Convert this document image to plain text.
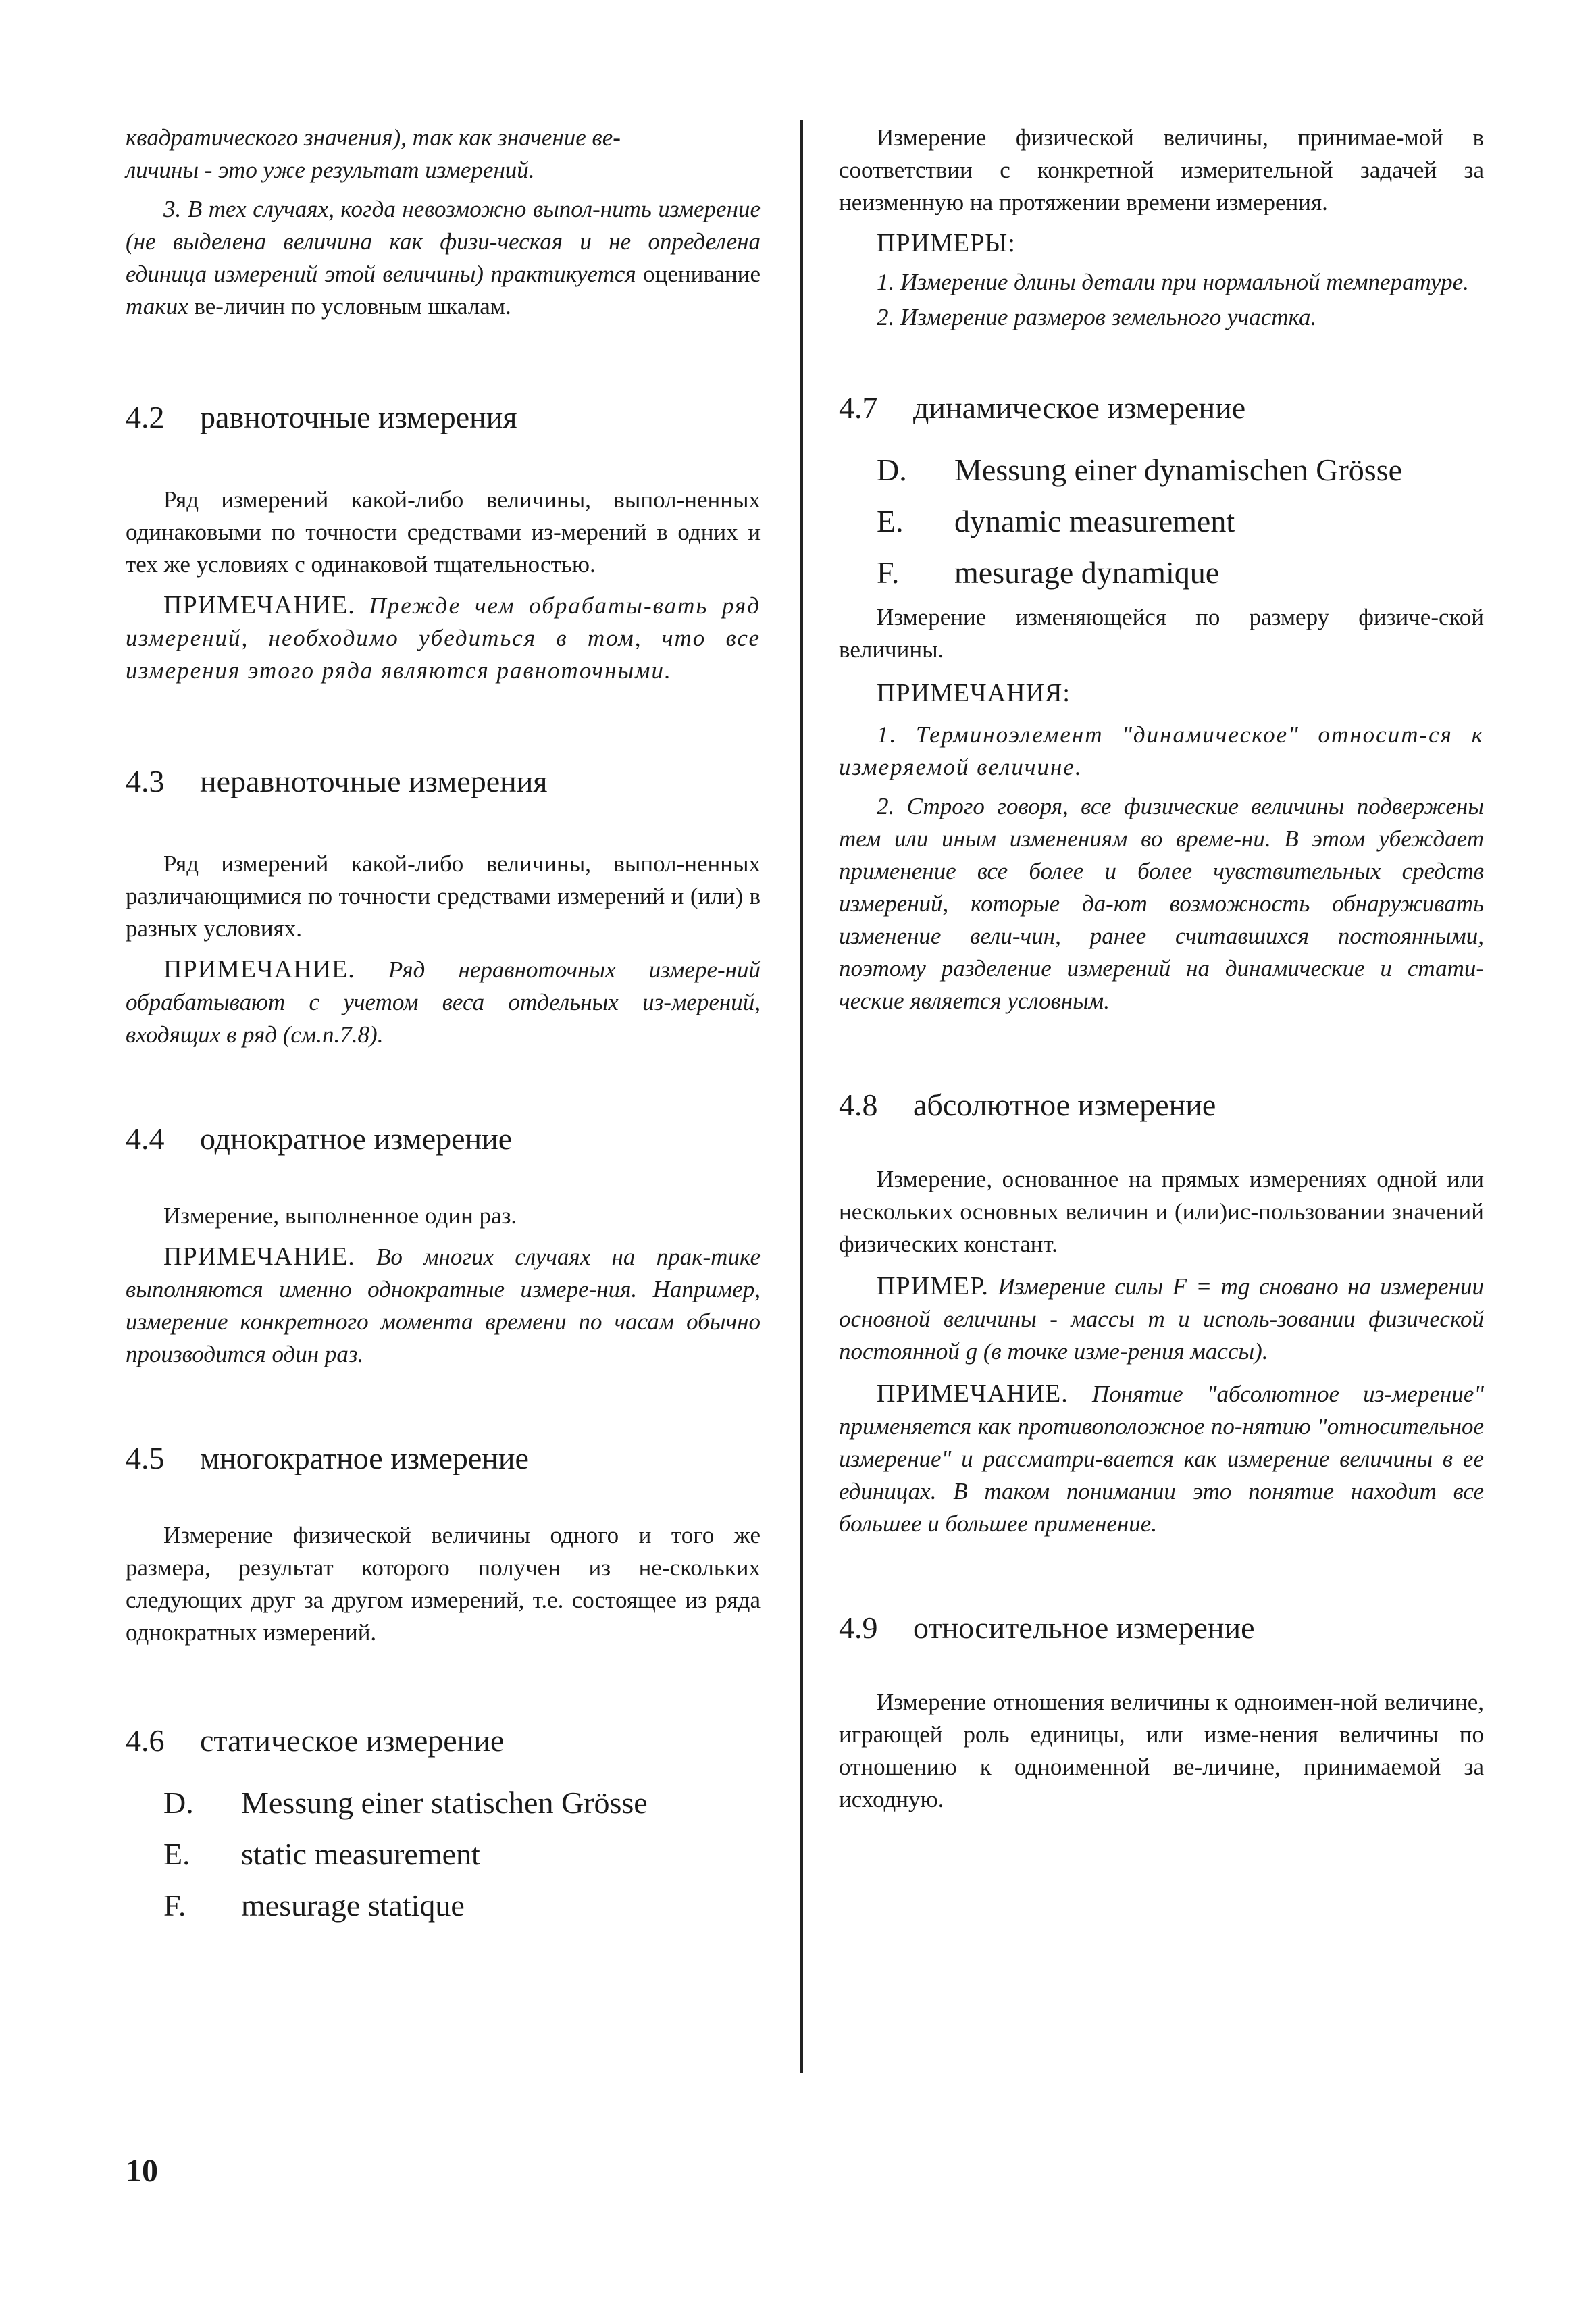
квадратического значения), так как значение ве-

личины - это уже результат измерений.

3. В тех случаях, когда невозможно выпол-нить измерение (не выделена величина как физи-ческая и не определена единица измерений этой величины) практикуется оценивание таких ве-личин по условным шкалам.

4.2	равноточные измерения

Ряд измерений какой-либо величины, выпол-ненных одинаковыми по точности средствами из-мерений в одних и тех же условиях с одинаковой тщательностью.

ПРИМЕЧАНИЕ. Прежде чем обрабаты-вать ряд измерений, необходимо убедиться в том, что все измерения этого ряда являются равноточными.

4.3	неравноточные измерения

Ряд измерений какой-либо величины, выпол-ненных различающимися по точности средствами измерений и (или) в разных условиях.

ПРИМЕЧАНИЕ. Ряд неравноточных измере-ний обрабатывают с учетом веса отдельных из-мерений, входящих в ряд (см.п.7.8).

4.4	однократное измерение

Измерение, выполненное один раз.

ПРИМЕЧАНИЕ. Во многих случаях на прак-тике выполняются именно однократные измере-ния. Например, измерение конкретного момента времени по часам обычно производится один раз.

4.5	многократное измерение

Измерение физической величины одного и того же размера, результат которого получен из не-скольких следующих друг за другом измерений, т.е. состоящее из ряда однократных измерений.

4.6	статическое измерение
D.	Messung einer statischen Grösse
E.	static measurement
F.	mesurage statique

Измерение физической величины, принимае-мой в соответствии с конкретной измерительной задачей за неизменную на протяжении времени измерения.

ПРИМЕРЫ:

1. Измерение длины детали при нормальной температуре.

2. Измерение размеров земельного участка.

4.7	динамическое измерение
D.	Messung einer dynamischen Grösse
E.	dynamic measurement
F.	mesurage dynamique

Измерение изменяющейся по размеру физиче-ской величины.

ПРИМЕЧАНИЯ:

1. Терминоэлемент "динамическое" относит-ся к измеряемой величине.

2. Строго говоря, все физические величины подвержены тем или иным изменениям во време-ни. В этом убеждает применение все более и более чувствительных средств измерений, которые да-ют возможность обнаруживать изменение вели-чин, ранее считавшихся постоянными, поэтому разделение измерений на динамические и стати-ческие является условным.

4.8	абсолютное измерение

Измерение, основанное на прямых измерениях одной или нескольких основных величин и (или)ис-пользовании значений физических констант.

ПРИМЕР. Измерение силы F = mg сновано на измерении основной величины - массы m и исполь-зовании физической постоянной g (в точке изме-рения массы).

ПРИМЕЧАНИЕ. Понятие "абсолютное из-мерение" применяется как противоположное по-нятию "относительное измерение" и рассматри-вается как измерение величины в ее единицах. В таком понимании это понятие находит все большее и большее применение.

4.9	относительное измерение

Измерение отношения величины к одноимен-ной величине, играющей роль единицы, или изме-нения величины по отношению к одноименной ве-личине, принимаемой за исходную.

10
